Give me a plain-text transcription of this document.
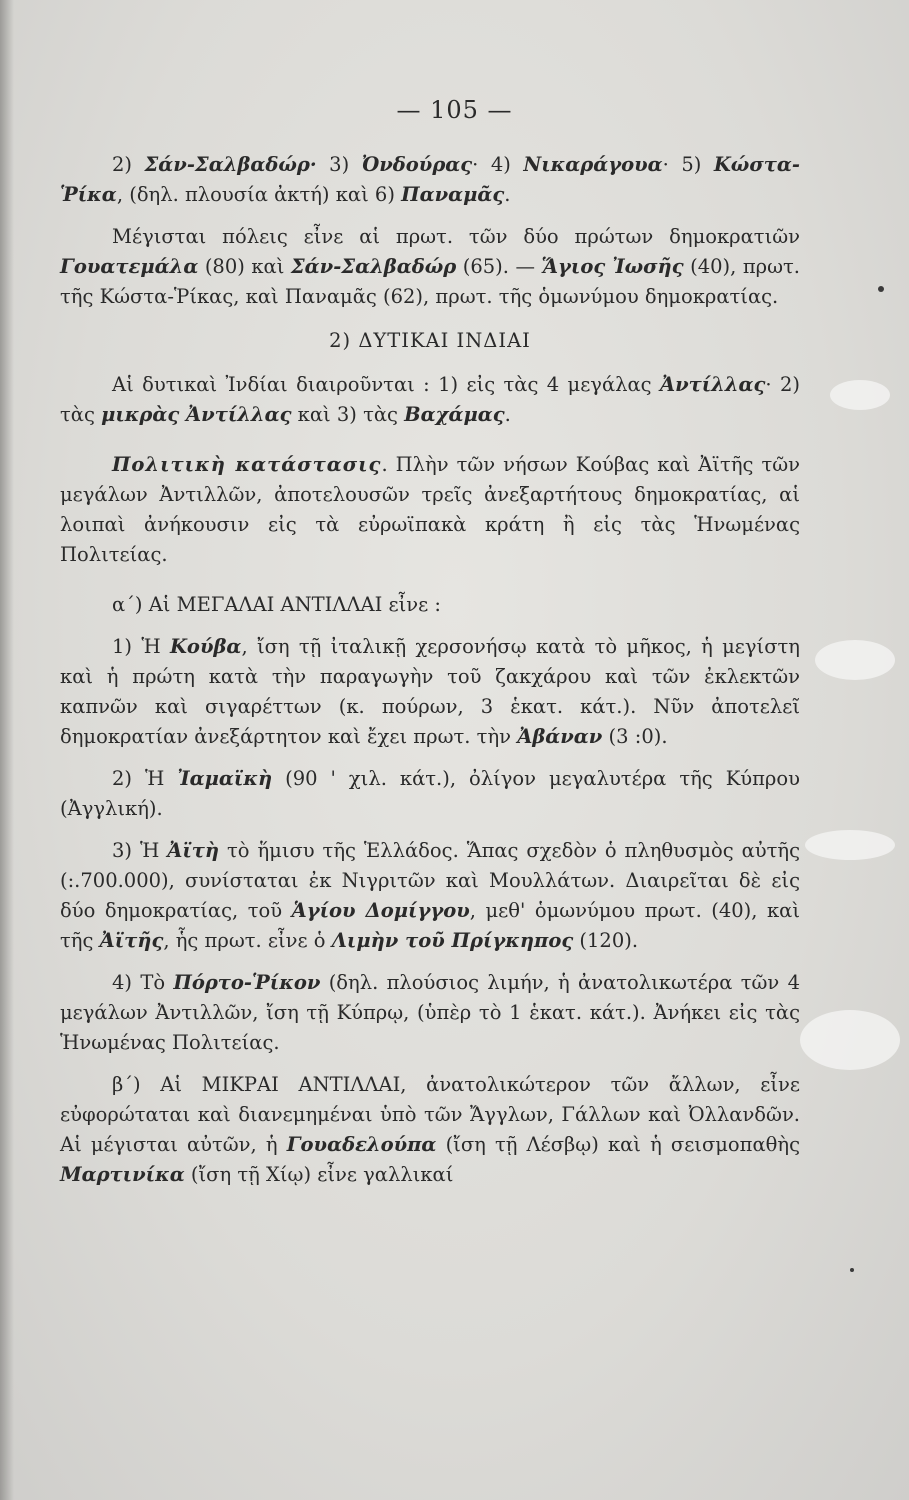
— 105 —

2) Σάν-Σαλβαδώρ· 3) Ὀνδούρας· 4) Νικαράγουα· 5) Κώστα-Ῥίκα, (δηλ. πλουσία ἀκτή) καὶ 6) Παναμᾶς.

Μέγισται πόλεις εἶνε αἱ πρωτ. τῶν δύο πρώτων δημοκρατιῶν Γουατεμάλα (80) καὶ Σάν-Σαλβαδώρ (65). — Ἅγιος Ἰωσῆς (40), πρωτ. τῆς Κώστα-Ῥίκας, καὶ Παναμᾶς (62), πρωτ. τῆς ὁμωνύμου δημοκρατίας.

2) ΔΥΤΙΚΑΙ ΙΝΔΙΑΙ

Αἱ δυτικαὶ Ἰνδίαι διαιροῦνται : 1) εἰς τὰς 4 μεγάλας Ἀντίλλας· 2) τὰς μικρὰς Ἀντίλλας καὶ 3) τὰς Βαχάμας.

Πολιτικὴ κατάστασις. Πλὴν τῶν νήσων Κούβας καὶ Ἀϊτῆς τῶν μεγάλων Ἀντιλλῶν, ἀποτελουσῶν τρεῖς ἀνεξαρτήτους δημοκρατίας, αἱ λοιπαὶ ἀνήκουσιν εἰς τὰ εὐρωϊπακὰ κράτη ἢ εἰς τὰς Ἡνωμένας Πολιτείας.

α΄) Αἱ ΜΕΓΑΛΑΙ ΑΝΤΙΛΛΑΙ εἶνε :

1) Ἡ Κούβα, ἴση τῇ ἰταλικῇ χερσονήσῳ κατὰ τὸ μῆκος, ἡ μεγίστη καὶ ἡ πρώτη κατὰ τὴν παραγωγὴν τοῦ ζακχάρου καὶ τῶν ἐκλεκτῶν καπνῶν καὶ σιγαρέττων (κ. πούρων, 3 ἑκατ. κάτ.). Νῦν ἀποτελεῖ δημοκρατίαν ἀνεξάρτητον καὶ ἔχει πρωτ. τὴν Ἀβάναν (3 :0).

2) Ἡ Ἰαμαϊκὴ (90 ' χιλ. κάτ.), ὀλίγον μεγαλυτέρα τῆς Κύπρου (Ἀγγλική).

3) Ἡ Ἀϊτὴ τὸ ἥμισυ τῆς Ἑλλάδος. Ἅπας σχεδὸν ὁ πληθυσμὸς αὐτῆς (:.700.000), συνίσταται ἐκ Νιγριτῶν καὶ Μουλλάτων. Διαιρεῖται δὲ εἰς δύο δημοκρατίας, τοῦ Ἁγίου Δομίγγου, μεθ' ὁμωνύμου πρωτ. (40), καὶ τῆς Ἀϊτῆς, ἧς πρωτ. εἶνε ὁ Λιμὴν τοῦ Πρίγκηπος (120).

4) Τὸ Πόρτο-Ῥίκον (δηλ. πλούσιος λιμήν, ἡ ἀνατολικωτέρα τῶν 4 μεγάλων Ἀντιλλῶν, ἴση τῇ Κύπρῳ, (ὑπὲρ τὸ 1 ἑκατ. κάτ.). Ἀνήκει εἰς τὰς Ἡνωμένας Πολιτείας.

β΄) Αἱ ΜΙΚΡΑΙ ΑΝΤΙΛΛΑΙ, ἀνατολικώτερον τῶν ἄλλων, εἶνε εὐφορώταται καὶ διανεμημέναι ὑπὸ τῶν Ἄγγλων, Γάλλων καὶ Ὀλλανδῶν. Αἱ μέγισται αὐτῶν, ἡ Γουαδελούπα (ἴση τῇ Λέσβῳ) καὶ ἡ σεισμοπαθὴς Μαρτινίκα (ἴση τῇ Χίῳ) εἶνε γαλλικαί
